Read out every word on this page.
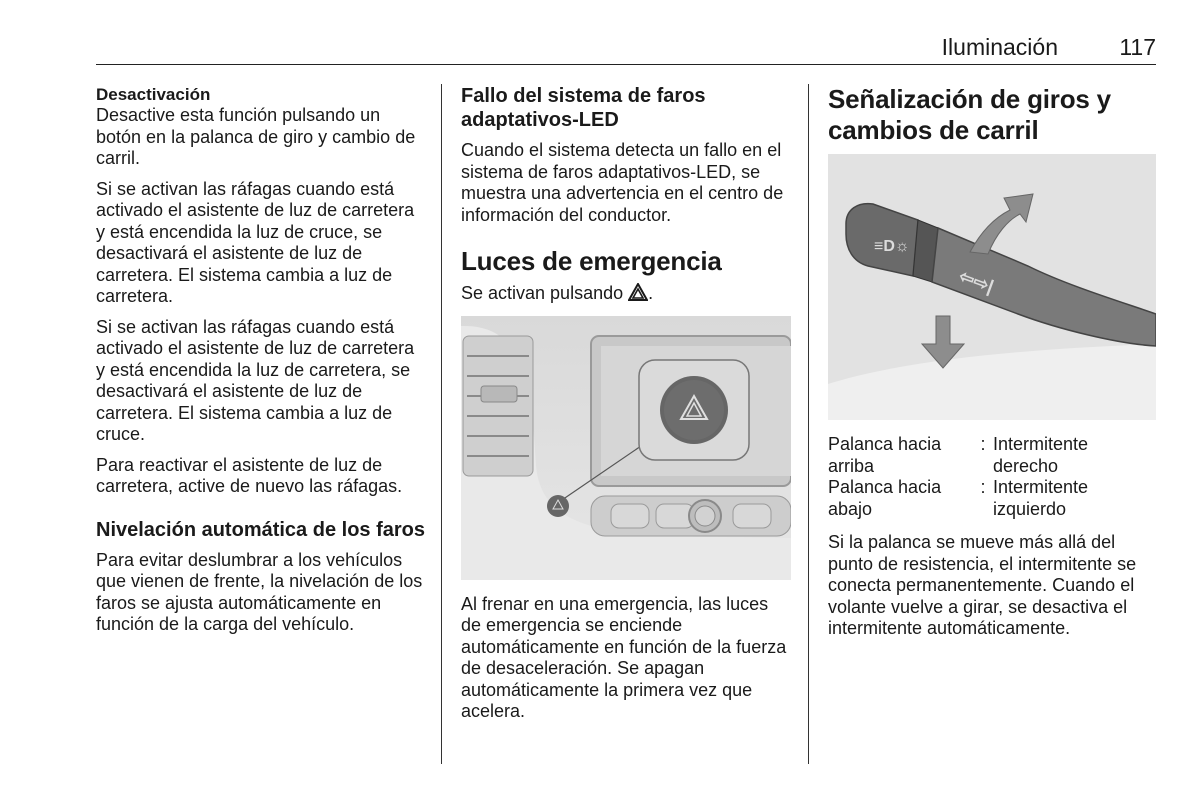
Iluminación	117
Desactivación

Desactive esta función pulsando un botón en la palanca de giro y cambio de carril.

Si se activan las ráfagas cuando está activado el asistente de luz de carretera y está encendida la luz de cruce, se desactivará el asistente de luz de carretera. El sistema cambia a luz de carretera.

Si se activan las ráfagas cuando está activado el asistente de luz de carretera y está encendida la luz de carretera, se desactivará el asistente de luz de carretera. El sistema cambia a luz de cruce.

Para reactivar el asistente de luz de carretera, active de nuevo las ráfagas.

Nivelación automática de los faros

Para evitar deslumbrar a los vehículos que vienen de frente, la nivelación de los faros se ajusta automáticamente en función de la carga del vehículo.

Fallo del sistema de faros adaptativos-LED

Cuando el sistema detecta un fallo en el sistema de faros adaptativos-LED, se muestra una advertencia en el centro de información del conductor.

Luces de emergencia

Se activan pulsando .

Al frenar en una emergencia, las luces de emergencia se enciende automáticamente en función de la fuerza de desaceleración. Se apagan automáticamente la primera vez que acelera.

Señalización de giros y cambios de carril
≡D☼
⇦⇨|
Palanca hacia arriba	:	Intermitente derecho
Palanca hacia abajo	:	Intermitente izquierdo

Si la palanca se mueve más allá del punto de resistencia, el intermitente se conecta permanentemente. Cuando el volante vuelve a girar, se desactiva el intermitente automáticamente.
